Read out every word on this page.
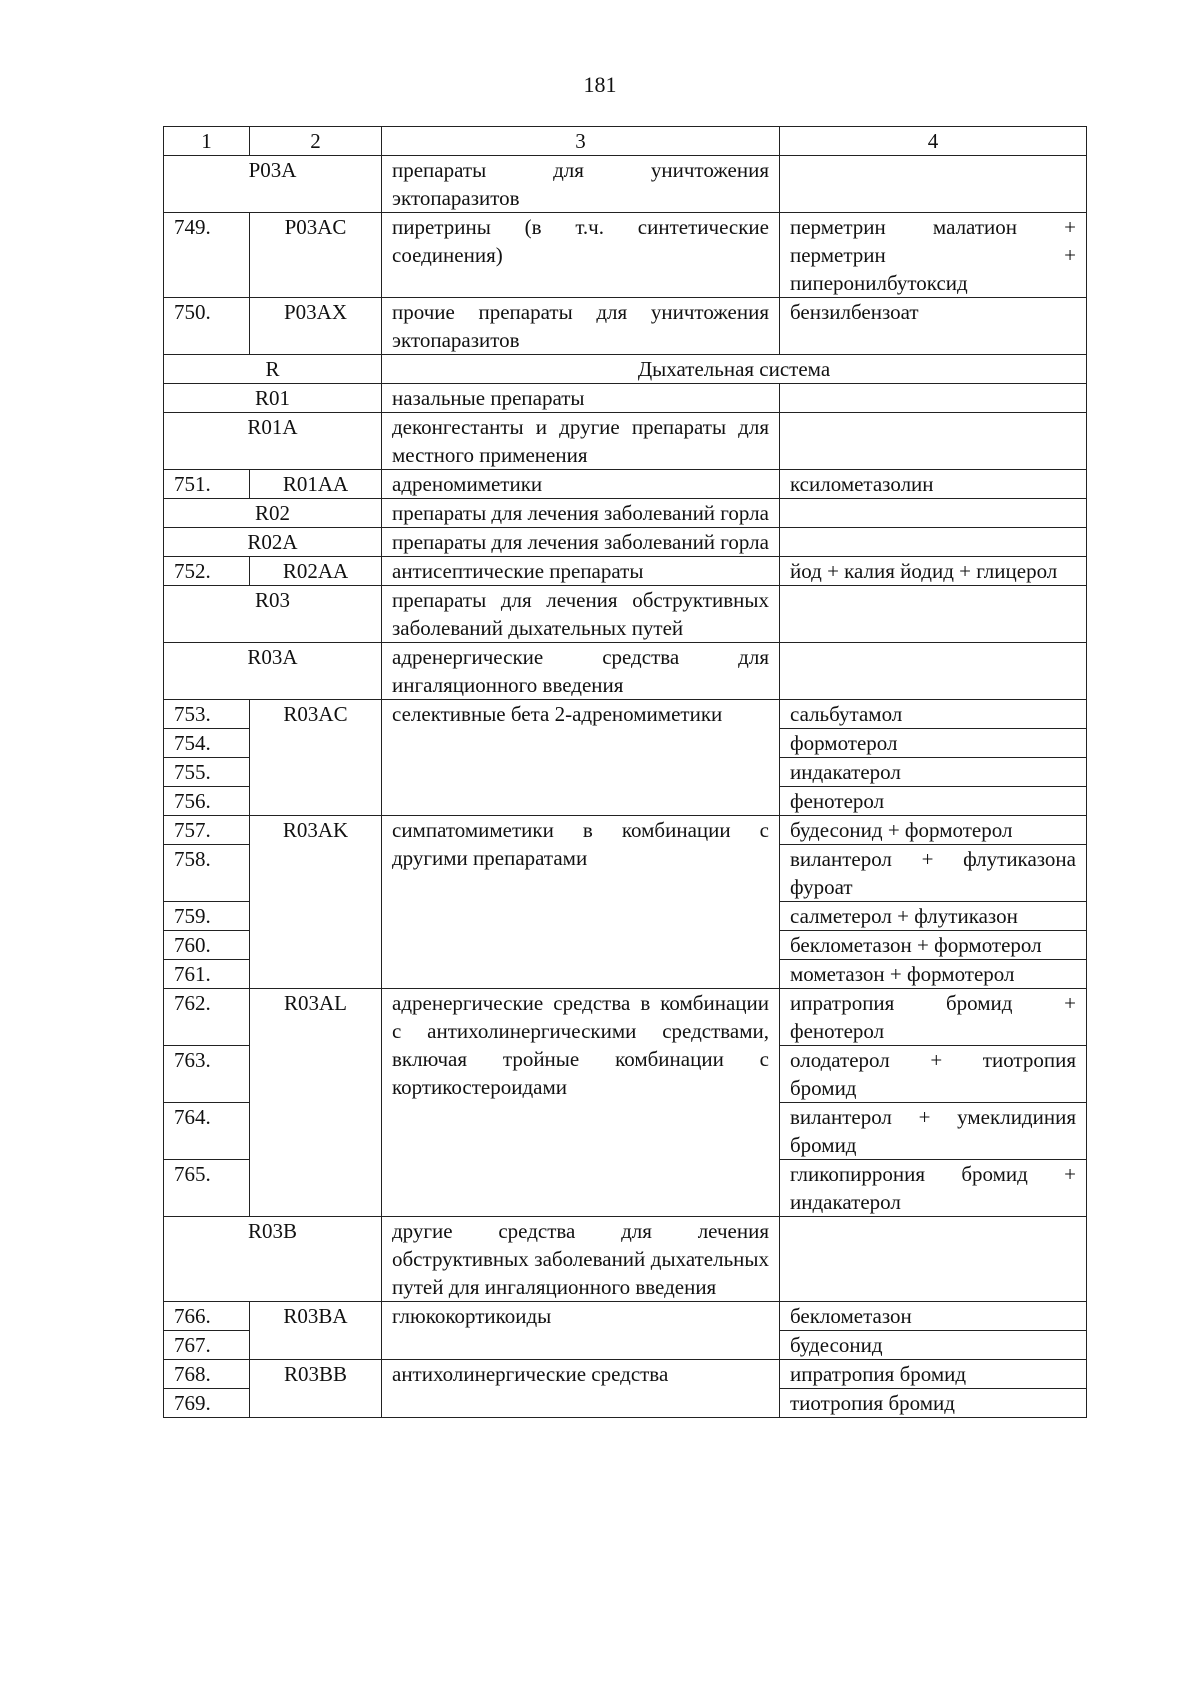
181
1	2	3	4
P03A		препараты для уничтожения эктопаразитов	
749.	P03AC	пиретрины (в т.ч. синтетические соединения)	перметрин малатион + перметрин + пиперонилбутоксид
750.	P03AX	прочие препараты для уничтожения эктопаразитов	бензилбензоат
R		Дыхательная система	
R01		назальные препараты	
R01A		деконгестанты и другие препараты для местного применения	
751.	R01AA	адреномиметики	ксилометазолин
R02		препараты для лечения заболеваний горла	
R02A		препараты для лечения заболеваний горла	
752.	R02AA	антисептические препараты	йод + калия йодид + глицерол
R03		препараты для лечения обструктивных заболеваний дыхательных путей	
R03A		адренергические средства для ингаляционного введения	
753.	R03AC	селективные бета 2-адреномиметики	сальбутамол
754.			формотерол
755.			индакатерол
756.			фенотерол
757.	R03AK	симпатомиметики в комбинации с другими препаратами	будесонид + формотерол
758.			вилантерол + флутиказона фуроат
759.			салметерол + флутиказон
760.			беклометазон + формотерол
761.			мометазон + формотерол
762.	R03AL	адренергические средства в комбинации с антихолинергическими средствами, включая тройные комбинации с кортикостероидами	ипратропия бромид + фенотерол
763.			олодатерол + тиотропия бромид
764.			вилантерол + умеклидиния бромид
765.			гликопиррония бромид + индакатерол
R03B		другие средства для лечения обструктивных заболеваний дыхательных путей для ингаляционного введения	
766.	R03BA	глюкокортикоиды	беклометазон
767.			будесонид
768.	R03BB	антихолинергические средства	ипратропия бромид
769.			тиотропия бромид
